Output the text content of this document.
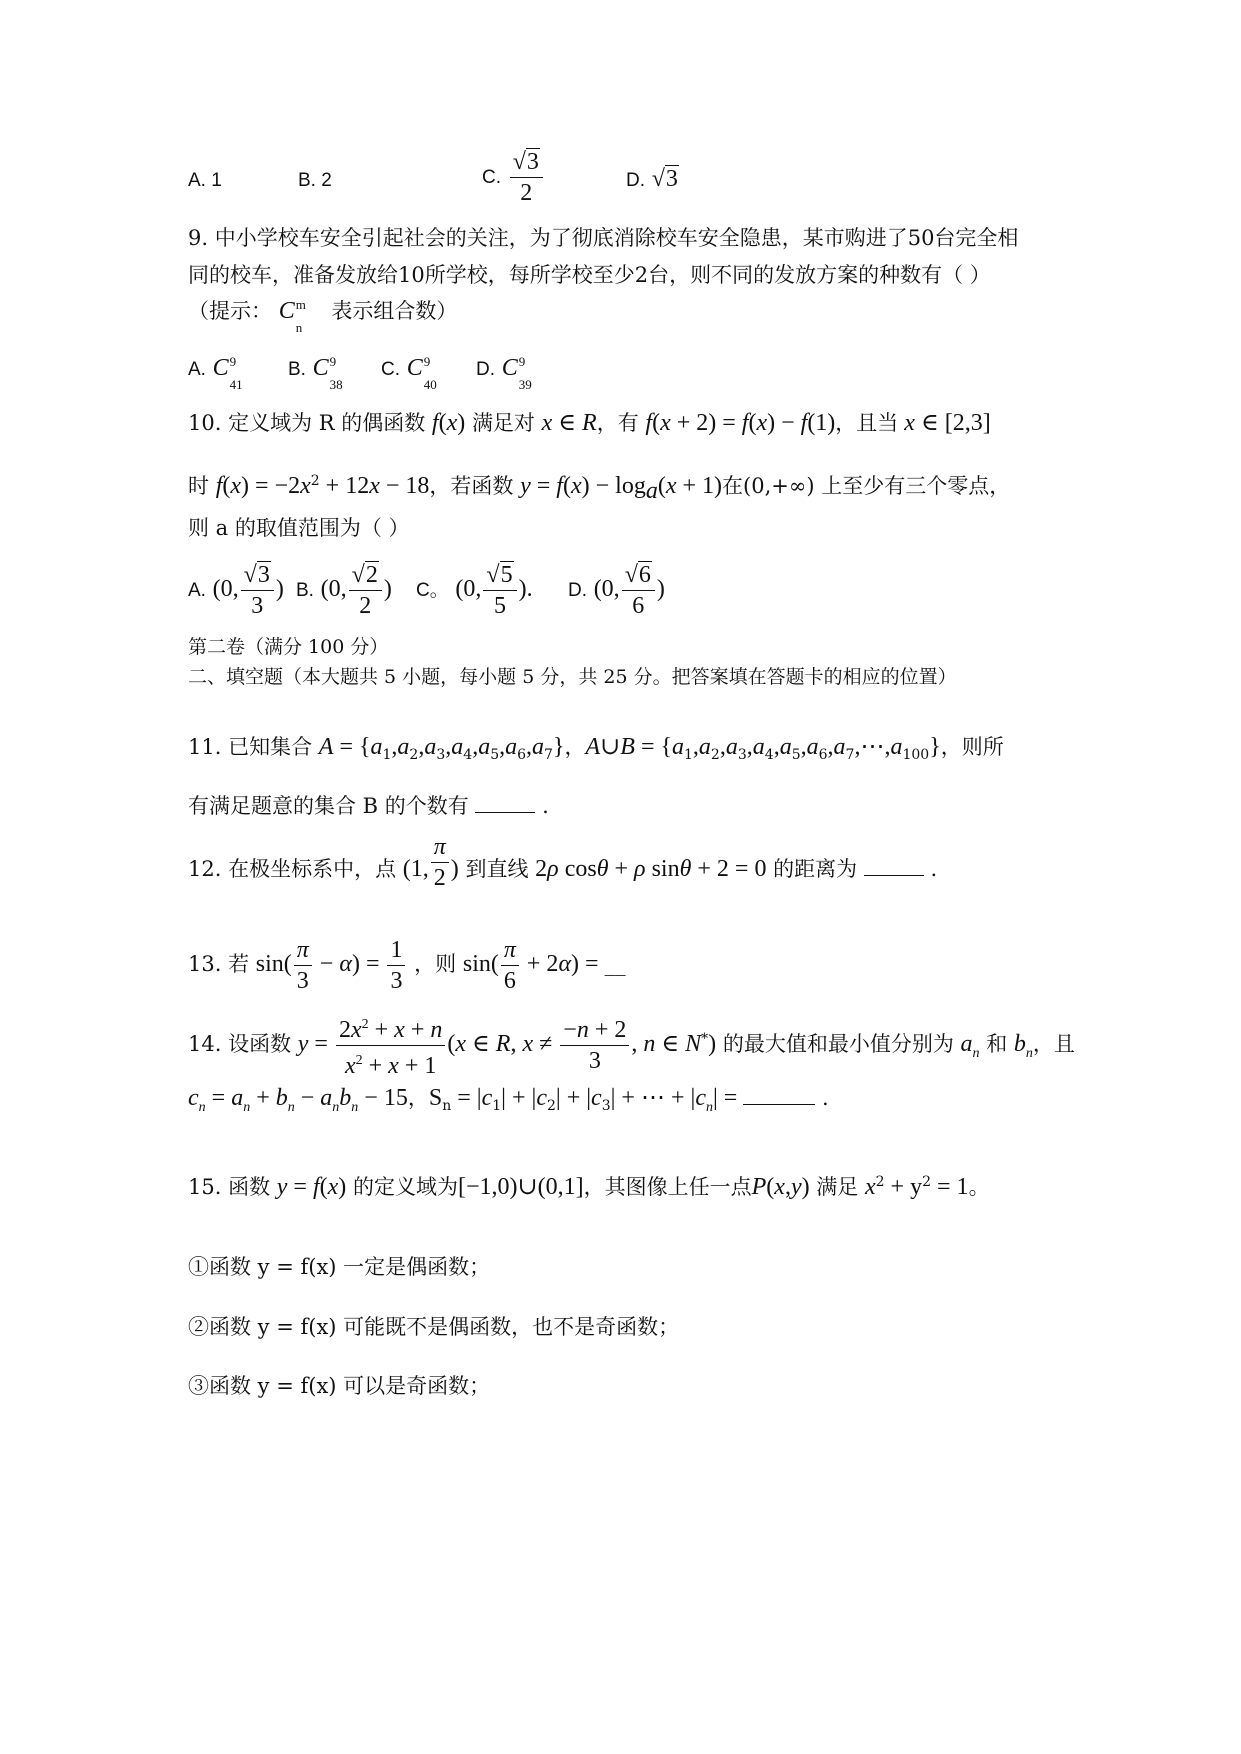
A. 1	B. 2	C. $\frac{√3}{2}$	D. √3
9. 中小学校车安全引起社会的关注，为了彻底消除校车安全隐患，某市购进了50台完全相
同的校车，准备发放给10所学校，每所学校至少2台，则不同的发放方案的种数有（ ）
（提示： C m
n
表示组合数）
A. C 9
41
B. C 9
38
C. C 9
40
D. C 9
39
10. 定义域为 R 的偶函数 f(x) 满足对 x ∈ R，有 f(x + 2) = f(x) − f(1)，且当 x ∈ [2,3]
时 $f(x) = -2x^2 + 12x - 18$，若函数 $y = f(x) - \log_a(x + 1)$在(0,+∞) 上至少有三个零点，
则 a 的取值范围为（ ）
A. (0, $\frac{√3}{3}$ ) B. (0, $\frac{√2}{2}$ ) C。 (0, $\frac{√5}{5}$ ). D. (0, $\frac{√6}{6}$ )
第二卷（满分 100 分）
二、填空题（本大题共 5 小题，每小题 5 分，共 25 分。把答案填在答题卡的相应的位置）
11. 已知集合 $A = \{a_1,a_2,a_3,a_4,a_5,a_6,a_7\}$，A∪B = $\{a_1,a_2,a_3,a_4,a_5,a_6,a_7,\cdots,a_{100}\}$，则所
有满足题意的集合 B 的个数有	.
12. 在极坐标系中，点 (1, $\frac{\pi}{2}$ ) 到直线 2ρ cosθ + ρ sinθ + 2 = 0 的距离为	.
13. 若 $\sin( \frac{\pi}{3} - \alpha) = \frac{1}{3}$ ，则 $\sin( \frac{\pi}{6} + 2\alpha)$ = __
14. 设函数 $y = \frac{2x^2 + x + n}{x^2 + x + 1} (x$ ∈ R, $x \ne \frac{-n + 2}{3}$ , n ∈ N*) 的最大值和最小值分别为 $a_n$ 和 $b_n$，且
$c_n = a_n + b_n - a_nb_n - 15$，$S_n = |c_1| + |c_2| + |c_3|$ + ⋯ + $|c_n|$ =	.
15. 函数 y = f(x) 的定义域为[−1,0)∪(0,1]，其图像上任一点P(x,y) 满足 $x^2 + y^2 = 1$。
①函数 y = f(x) 一定是偶函数；
②函数 y = f(x) 可能既不是偶函数，也不是奇函数；
③函数 y = f(x) 可以是奇函数；
